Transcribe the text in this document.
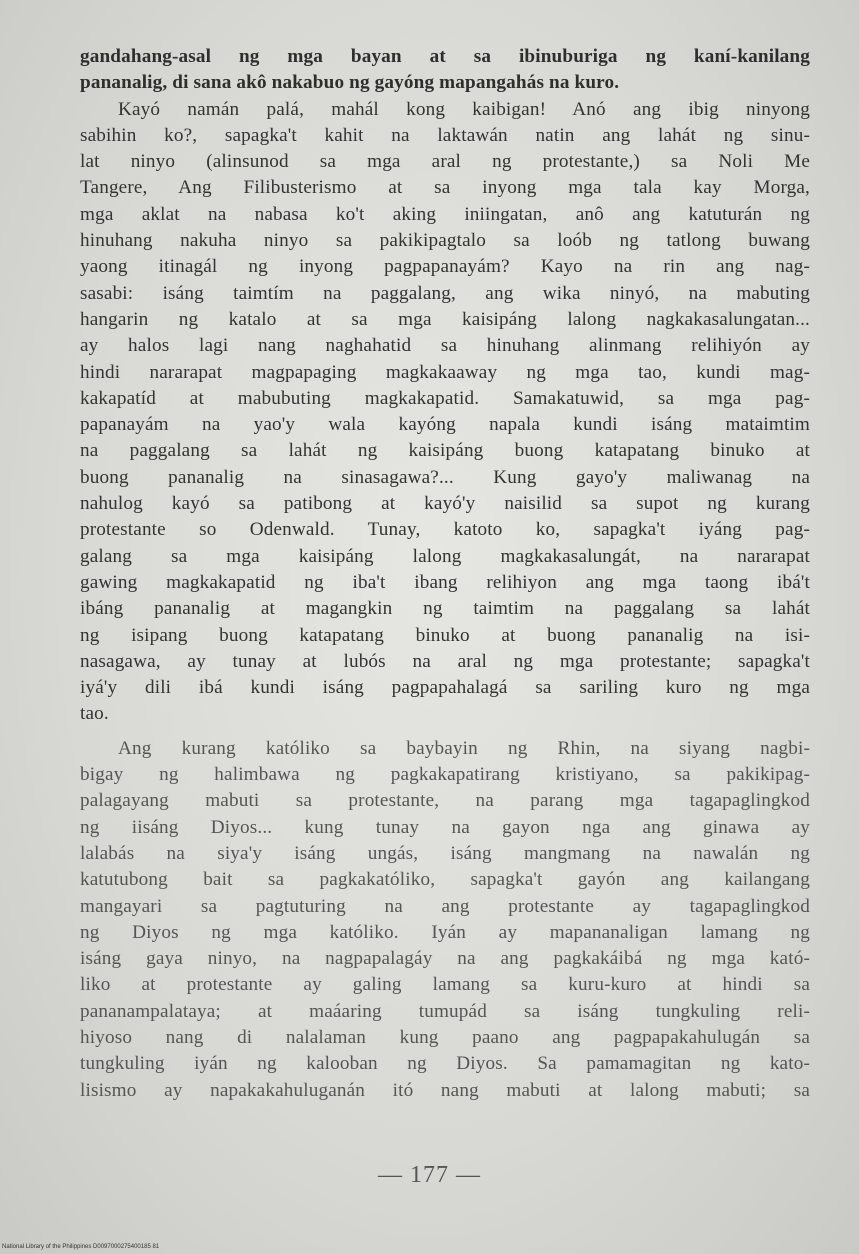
gandahang-asal ng mga bayan at sa ibinuburiga ng kaní-kanilang
pananalig, di sana akô nakabuo ng gayóng mapangahás na kuro.

Kayó namán palá, mahál kong kaibigan! Anó ang ibig ninyong
sabihin ko?, sapagka't kahit na laktawán natin ang lahát ng sinu-
lat ninyo (alinsunod sa mga aral ng protestante,) sa Noli Me
Tangere, Ang Filibusterismo at sa inyong mga tala kay Morga,
mga aklat na nabasa ko't aking iniingatan, anô ang katuturán ng
hinuhang nakuha ninyo sa pakikipagtalo sa loób ng tatlong buwang
yaong itinagál ng inyong pagpapanayám? Kayo na rin ang nag-
sasabi: isáng taimtím na paggalang, ang wika ninyó, na mabuting
hangarin ng katalo at sa mga kaisipáng lalong nagkakasalungatan...
ay halos lagi nang naghahatid sa hinuhang alinmang relihiyón ay
hindi nararapat magpapaging magkakaaway ng mga tao, kundi mag-
kakapatíd at mabubuting magkakapatid. Samakatuwid, sa mga pag-
papanayám na yao'y wala kayóng napala kundi isáng mataimtim
na paggalang sa lahát ng kaisipáng buong katapatang binuko at
buong pananalig na sinasagawa?... Kung gayo'y maliwanag na
nahulog kayó sa patibong at kayó'y naisilid sa supot ng kurang
protestante so Odenwald. Tunay, katoto ko, sapagka't iyáng pag-
galang sa mga kaisipáng lalong magkakasalungát, na nararapat
gawing magkakapatid ng iba't ibang relihiyon ang mga taong ibá't
ibáng pananalig at magangkin ng taimtim na paggalang sa lahát
ng isipang buong katapatang binuko at buong pananalig na isi-
nasagawa, ay tunay at lubós na aral ng mga protestante; sapagka't
iyá'y dili ibá kundi isáng pagpapahalagá sa sariling kuro ng mga
tao.

Ang kurang katóliko sa baybayin ng Rhin, na siyang nagbi-
bigay ng halimbawa ng pagkakapatirang kristiyano, sa pakikipag-
palagayang mabuti sa protestante, na parang mga tagapaglingkod
ng iisáng Diyos... kung tunay na gayon nga ang ginawa ay
lalabás na siya'y isáng ungás, isáng mangmang na nawalán ng
katutubong bait sa pagkakatóliko, sapagka't gayón ang kailangang
mangayari sa pagtuturing na ang protestante ay tagapaglingkod
ng Diyos ng mga katóliko. Iyán ay mapananaligan lamang ng
isáng gaya ninyo, na nagpapalagáy na ang pagkakáibá ng mga kató-
liko at protestante ay galing lamang sa kuru-kuro at hindi sa
pananampalataya; at maáaring tumupád sa isáng tungkuling reli-
hiyoso nang di nalalaman kung paano ang pagpapakahulugán sa
tungkuling iyán ng kalooban ng Diyos. Sa pamamagitan ng kato-
lisismo ay napakakahuluganán itó nang mabuti at lalong mabuti; sa

— 177 —
National Library of the Philippines D0097000275400185 81
